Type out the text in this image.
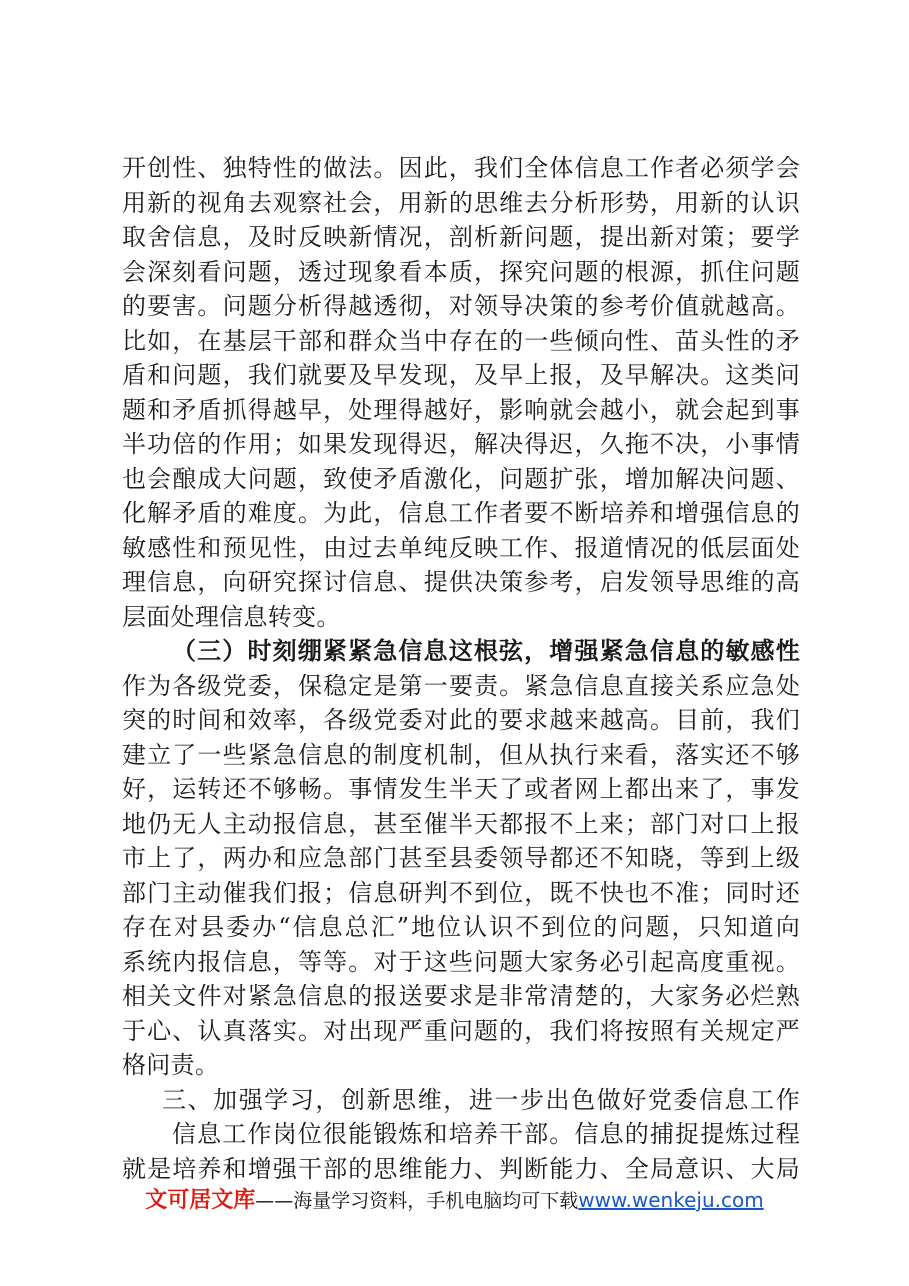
开创性、独特性的做法。因此，我们全体信息工作者必须学会
用新的视角去观察社会，用新的思维去分析形势，用新的认识
取舍信息，及时反映新情况，剖析新问题，提出新对策；要学
会深刻看问题，透过现象看本质，探究问题的根源，抓住问题
的要害。问题分析得越透彻，对领导决策的参考价值就越高。
比如，在基层干部和群众当中存在的一些倾向性、苗头性的矛
盾和问题，我们就要及早发现，及早上报，及早解决。这类问
题和矛盾抓得越早，处理得越好，影响就会越小，就会起到事
半功倍的作用；如果发现得迟，解决得迟，久拖不决，小事情
也会酿成大问题，致使矛盾激化，问题扩张，增加解决问题、
化解矛盾的难度。为此，信息工作者要不断培养和增强信息的
敏感性和预见性，由过去单纯反映工作、报道情况的低层面处
理信息，向研究探讨信息、提供决策参考，启发领导思维的高
层面处理信息转变。
（三）时刻绷紧紧急信息这根弦，增强紧急信息的敏感性
作为各级党委，保稳定是第一要责。紧急信息直接关系应急处
突的时间和效率，各级党委对此的要求越来越高。目前，我们
建立了一些紧急信息的制度机制，但从执行来看，落实还不够
好，运转还不够畅。事情发生半天了或者网上都出来了，事发
地仍无人主动报信息，甚至催半天都报不上来；部门对口上报
市上了，两办和应急部门甚至县委领导都还不知晓，等到上级
部门主动催我们报；信息研判不到位，既不快也不准；同时还
存在对县委办“信息总汇”地位认识不到位的问题，只知道向
系统内报信息，等等。对于这些问题大家务必引起高度重视。
相关文件对紧急信息的报送要求是非常清楚的，大家务必烂熟
于心、认真落实。对出现严重问题的，我们将按照有关规定严
格问责。
三、加强学习，创新思维，进一步出色做好党委信息工作
信息工作岗位很能锻炼和培养干部。信息的捕捉提炼过程
就是培养和增强干部的思维能力、判断能力、全局意识、大局
文可居文库——海量学习资料，手机电脑均可下载www.wenkeju.com
